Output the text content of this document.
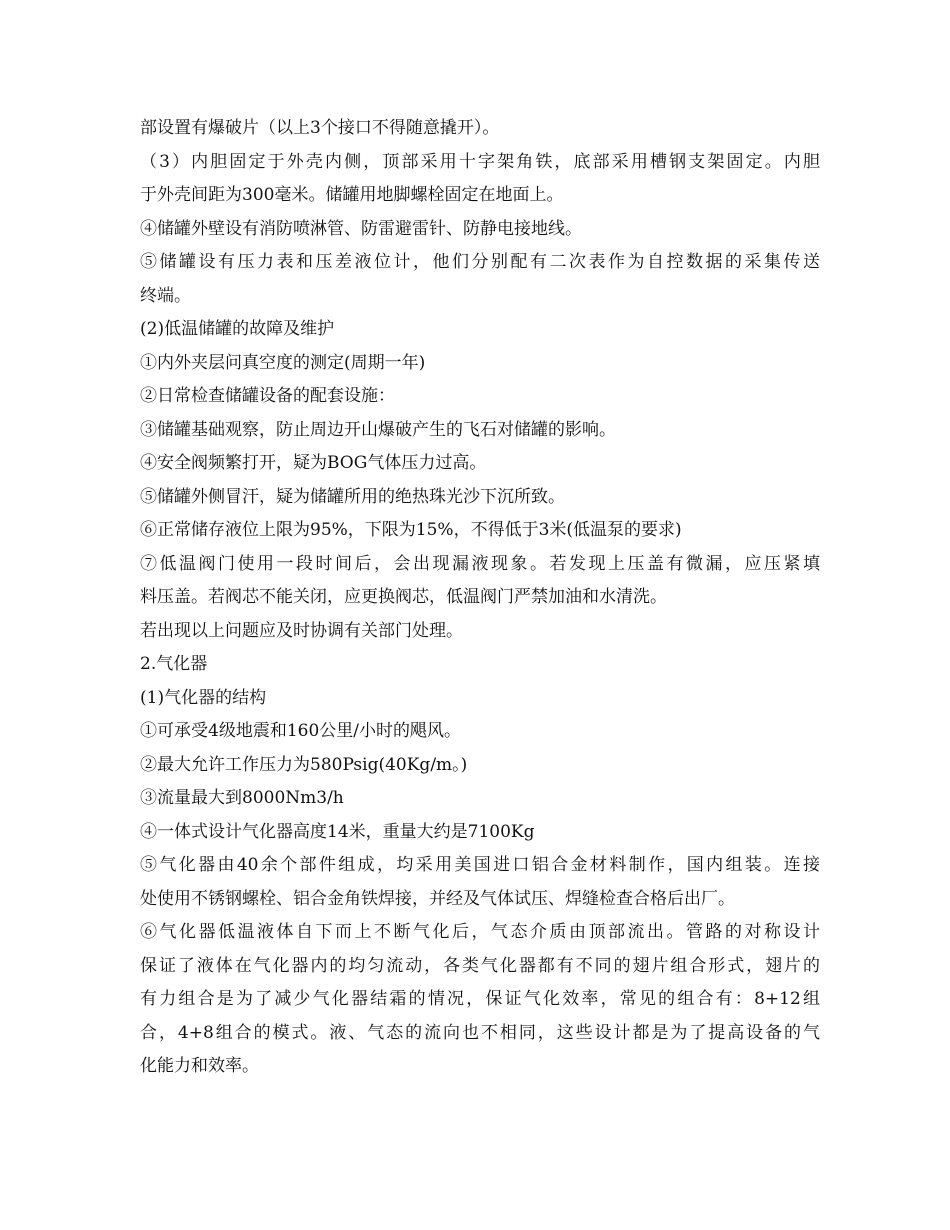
部设置有爆破片（以上3个接口不得随意撬开）。
（3）内胆固定于外壳内侧，顶部采用十字架角铁，底部采用槽钢支架固定。内胆
于外壳间距为300毫米。储罐用地脚螺栓固定在地面上。
④储罐外壁设有消防喷淋管、防雷避雷针、防静电接地线。
⑤储罐设有压力表和压差液位计，他们分别配有二次表作为自控数据的采集传送
终端。
(2)低温储罐的故障及维护
①内外夹层问真空度的测定(周期一年)
②日常检查储罐设备的配套设施：
③储罐基础观察，防止周边开山爆破产生的飞石对储罐的影响。
④安全阀频繁打开，疑为BOG气体压力过高。
⑤储罐外侧冒汗，疑为储罐所用的绝热珠光沙下沉所致。
⑥正常储存液位上限为95%，下限为15%，不得低于3米(低温泵的要求)
⑦低温阀门使用一段时间后，会出现漏液现象。若发现上压盖有微漏，应压紧填
料压盖。若阀芯不能关闭，应更换阀芯，低温阀门严禁加油和水清洗。
若出现以上问题应及时协调有关部门处理。
2.气化器
(1)气化器的结构
①可承受4级地震和160公里/小时的飓风。
②最大允许工作压力为580Psig(40Kg/m。)
③流量最大到8000Nm3/h
④一体式设计气化器高度14米，重量大约是7100Kg
⑤气化器由40余个部件组成，均采用美国进口铝合金材料制作，国内组装。连接
处使用不锈钢螺栓、铝合金角铁焊接，并经及气体试压、焊缝检查合格后出厂。
⑥气化器低温液体自下而上不断气化后，气态介质由顶部流出。管路的对称设计
保证了液体在气化器内的均匀流动，各类气化器都有不同的翅片组合形式，翅片的
有力组合是为了减少气化器结霜的情况，保证气化效率，常见的组合有：8+12组
合，4+8组合的模式。液、气态的流向也不相同，这些设计都是为了提高设备的气
化能力和效率。
